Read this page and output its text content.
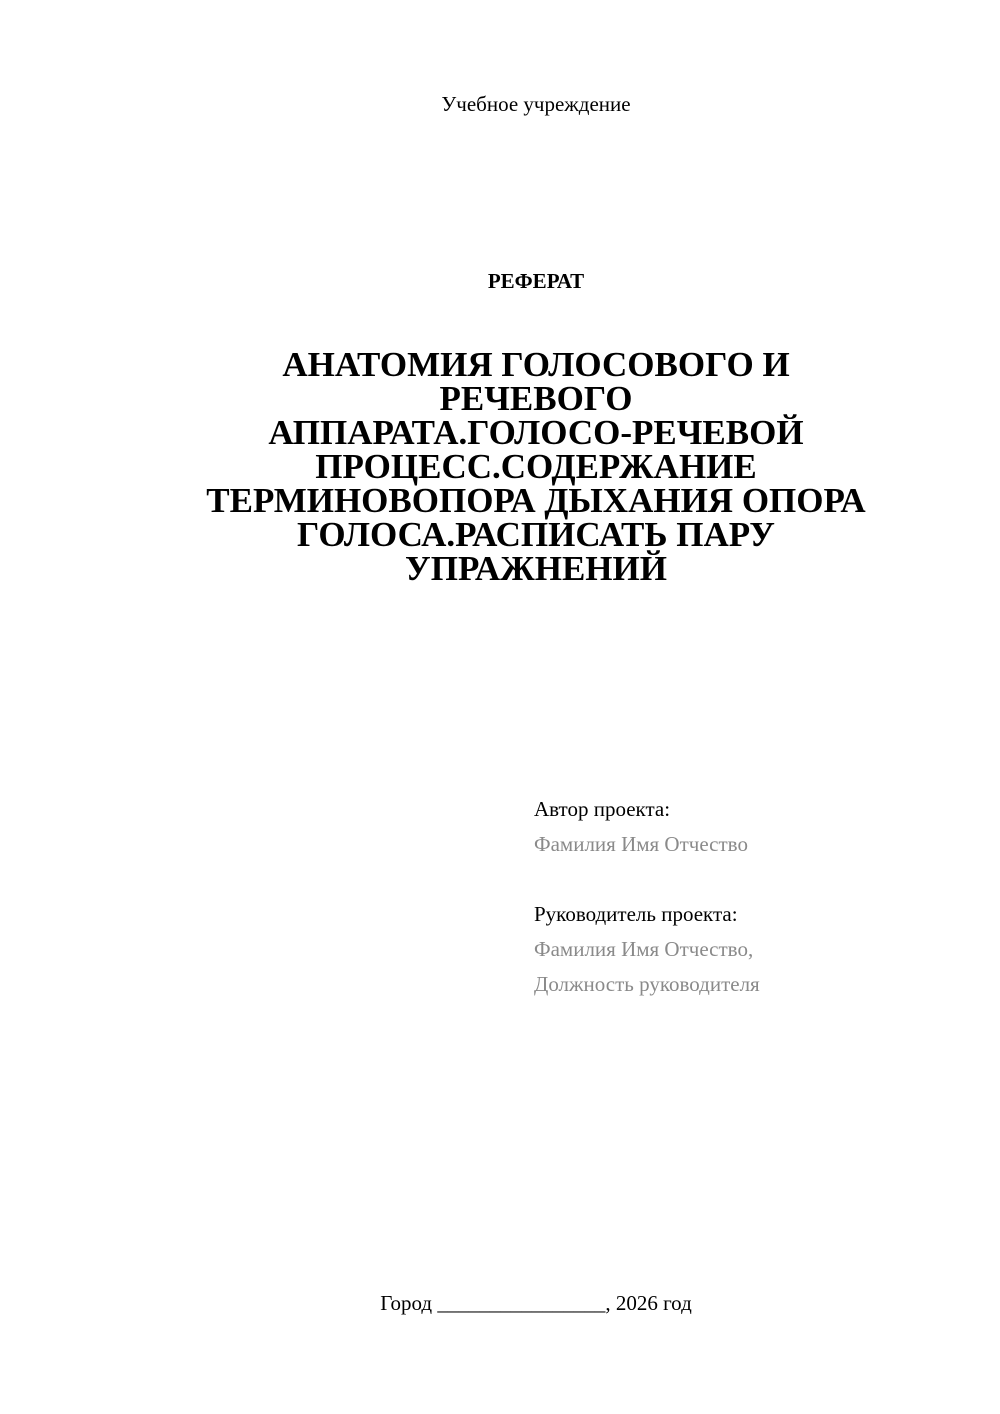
Учебное учреждение
РЕФЕРАТ
АНАТОМИЯ ГОЛОСОВОГО И
РЕЧЕВОГО
АППАРАТА.ГОЛОСО-РЕЧЕВОЙ
ПРОЦЕСС.СОДЕРЖАНИЕ
ТЕРМИНОВОПОРА ДЫХАНИЯ ОПОРА
ГОЛОСА.РАСПИСАТЬ ПАРУ
УПРАЖНЕНИЙ
Автор проекта:
Фамилия Имя Отчество
Руководитель проекта:
Фамилия Имя Отчество,
Должность руководителя
Город ________________, 2026 год
